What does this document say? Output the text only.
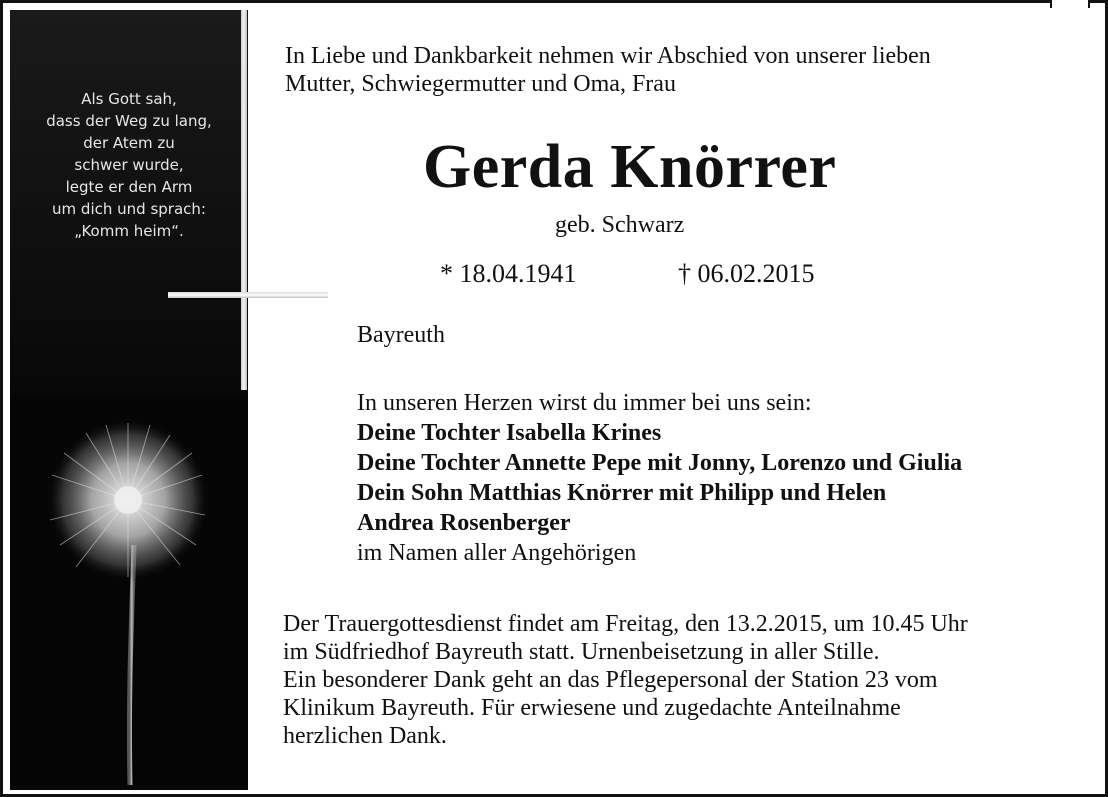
Als Gott sah,
dass der Weg zu lang,
der Atem zu
schwer wurde,
legte er den Arm
um dich und sprach:
„Komm heim“.
In Liebe und Dankbarkeit nehmen wir Abschied von unserer lieben
Mutter, Schwiegermutter und Oma, Frau
Gerda Knörrer
geb. Schwarz
* 18.04.1941	† 06.02.2015
Bayreuth
In unseren Herzen wirst du immer bei uns sein:
Deine Tochter Isabella Krines
Deine Tochter Annette Pepe mit Jonny, Lorenzo und Giulia
Dein Sohn Matthias Knörrer mit Philipp und Helen
Andrea Rosenberger
im Namen aller Angehörigen
Der Trauergottesdienst findet am Freitag, den 13.2.2015, um 10.45 Uhr
im Südfriedhof Bayreuth statt. Urnenbeisetzung in aller Stille.
Ein besonderer Dank geht an das Pflegepersonal der Station 23 vom
Klinikum Bayreuth. Für erwiesene und zugedachte Anteilnahme
herzlichen Dank.
